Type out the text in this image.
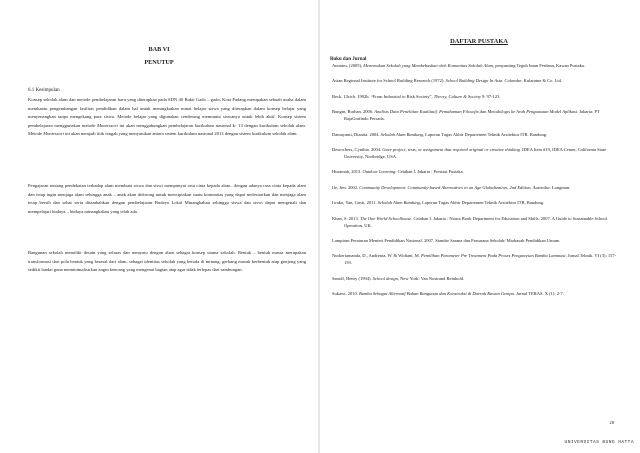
BAB VI
PENUTUP
6.1 Kesimpulan

Konsep sekolah alam dan metode pembelajaran baru yang diterapkan pada SDN 40 Bukit Gado – gado, Kota Padang merupakan sebuah usaha dalam membantu pengembangan fasilitas pendidikan dalam hal untuk meningkatkan minat belajar siswa yang diterapkan dalam konsep belajar yang menyenangkan tanpa mengekang para siswa. Metode belajar yang digunakan cenderung memuntut siswanya untuk lebih aktif. Konsep sistem pembelajaran menggunakan metode Montessori ini akan menggabungkan pembelajaran kurikulum nasional k- 13 dengan kurikulum sekolah alam. Metode Montessori ini akan menjadi titik tengah yang menyatukan antara sistem kurikulum nasional 2013 dengan sistem kurikulum sekolah alam.

Pengajaran tentang pendekatan terhadap alam membuat siswa dan siswi mempunyai rasa cinta kepada alam., dengan adanya rasa cinta kepada alam dan tetap ingin menjaga alam sehingga anak – anak akan didorong untuk menciptakan suatu komunitas yang dapat melestarikan dan menjaga alam tetap bersih dan sehat serta ditambahkan dengan pembelajaran Budaya Lokal Minangkabau sehingga siswa dan siswi dapat mengenali dan mempelajari budaya – budaya minangkabau yang telah ada.

Bangunan sekolah memiliki desain yang selaras dan menyatu dengan alam sebagai konsep utama sekolah. Bentuk – bentuk massa merupakan transformasi dari pola bentuk yang berasal dari alam, sebagai identitas sekolah yang berada di minang, gerbang masuk berbentuk atap gonjong yang sedikit landai guna meminimalisirkan angin kencang yang mengenai bagian atap agar tidak terlepas dari sambungan.

DAFTAR PUSTAKA
Buku dan Jurnal

Anonim, (2005), Menemukan Sekolah yang Membebaskan oleh Komunitas Sekolah Alam, penyunting Teguh Iman Perdana, Kawan Pustaka.

Asian Regional Institute for School Building Research (1972). School Building Design In Asia. Colombo: Kularatne & Co. Ltd.

Beck, Ulrich. 1992b. “From Industrial to Risk Society”, Theory, Culture & Society 9: 97-123.

Bungin, Burhan. 2006. Analisis Data Penelitian Kualitatif. Pemahaman Filosofis dan Metodologis ke Arah Penguasaan Model Aplikasi. Jakarta: PT RajaGrafindo Persada.

Damayanti, Dianita. 2004. Sekolah Alam Bandung, Laporan Tugas Akhir Departemen Teknik Arsitektur ITB. Bandung.

Desrochers, Cynthia. 2004. Gave project, tests, or assignment that required original or creative thinking. IDEA Item #19, IDEA Center, California State University, Northridge, USA.

Husamah, 2013. Outdoor Learning. Cetakan I. Jakarta : Prestasi Pustaka.

Ife, Jim. 2002. Community Development: Community-based Alternatives in an Age Globalization, 2nd Edition. Australia: Longman.

Iwako, Yan, Gusti, 2011. Sekolah Alam Bandung, Laporan Tugas Akhir Departemen Teknik Arsitektur ITB, Bandung.

Khan, S. 2013. The One World Schoolhouse. Cetakan I. Jakarta : Noura Book Department for Education and Skills. 2007. A Guide to Sustainable School. Operation. UK.

Lampiran Peraturan Menteri Pendidikan Nasional. 2007. Standar Sarana dan Prasarana Sekolah/ Madrasah Pendidikan Umum.

Nurkertamanda, D., Andreina, W. & Widiani, M. Pemilihan Parameter Pre Treatment Pada Proses Pengawetan Bambu Laminasi. Jurnal Teknik. VI (3): 157-159.

Sanoff, Henry (1994). School design, New York: Van Nostrand Reinhold.

Sukawi. 2010. Bambu Sebagai Alternatif Bahan Bangunan dan Konstruksi di Daerah Rawan Gempa. Jurnal TERAS. X (1): 2-7.

28
UNIVERSITAS BUNG HATTA
